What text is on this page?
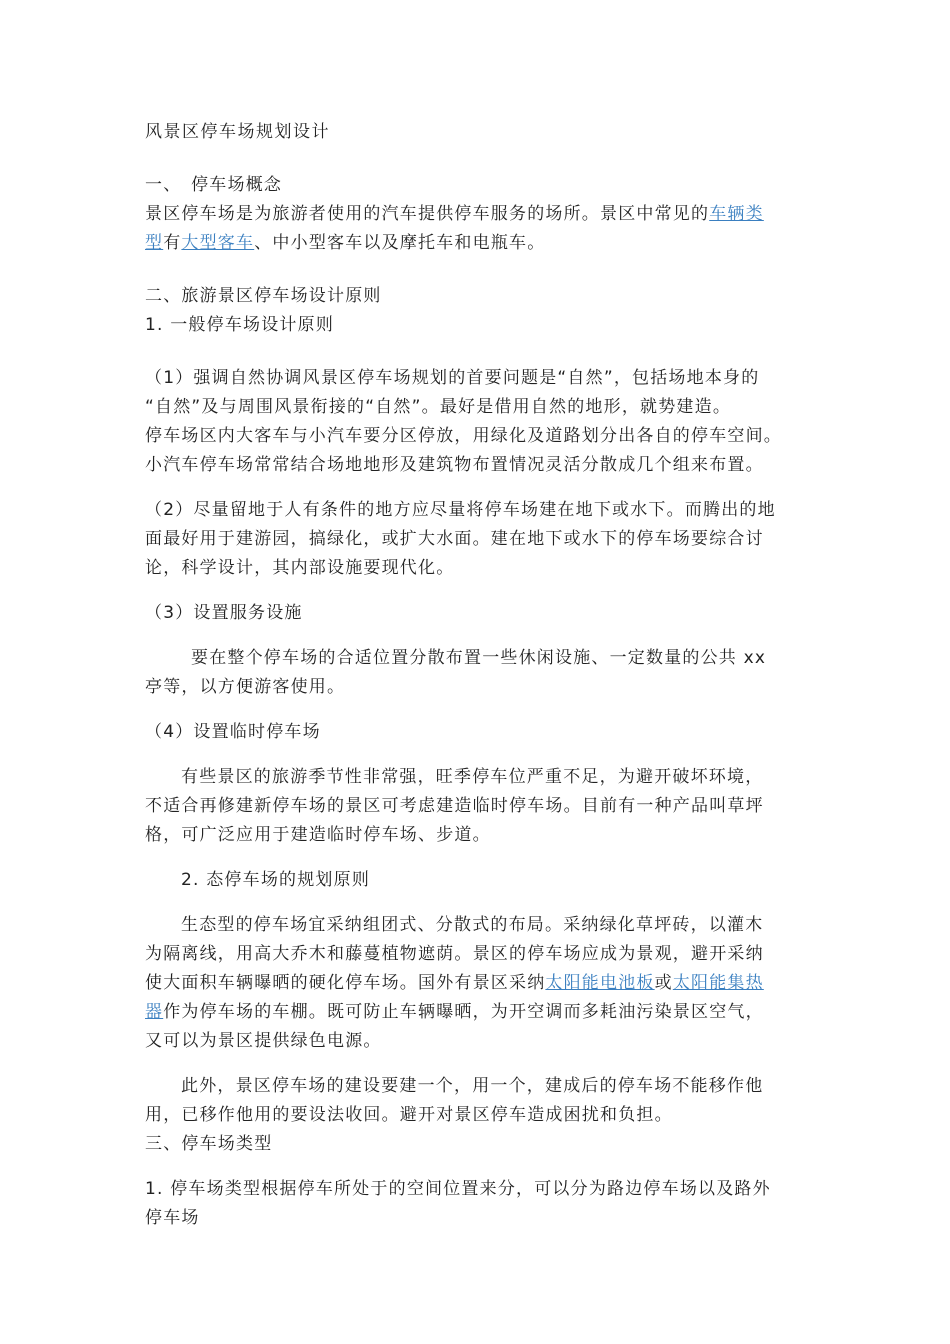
风景区停车场规划设计
一、　停车场概念
景区停车场是为旅游者使用的汽车提供停车服务的场所。景区中常见的车辆类
型有大型客车、中小型客车以及摩托车和电瓶车。
二、旅游景区停车场设计原则
1. 一般停车场设计原则
（1）强调自然协调风景区停车场规划的首要问题是“自然”，包括场地本身的
“自然”及与周围风景衔接的“自然”。最好是借用自然的地形，就势建造。
停车场区内大客车与小汽车要分区停放，用绿化及道路划分出各自的停车空间。
小汽车停车场常常结合场地地形及建筑物布置情况灵活分散成几个组来布置。
（2）尽量留地于人有条件的地方应尽量将停车场建在地下或水下。而腾出的地
面最好用于建游园，搞绿化，或扩大水面。建在地下或水下的停车场要综合讨
论，科学设计，其内部设施要现代化。
（3）设置服务设施
要在整个停车场的合适位置分散布置一些休闲设施、一定数量的公共 xx
亭等，以方便游客使用。
（4）设置临时停车场
有些景区的旅游季节性非常强，旺季停车位严重不足，为避开破坏环境，
不适合再修建新停车场的景区可考虑建造临时停车场。目前有一种产品叫草坪
格，可广泛应用于建造临时停车场、步道。
2. 态停车场的规划原则
生态型的停车场宜采纳组团式、分散式的布局。采纳绿化草坪砖，以灌木
为隔离线，用高大乔木和藤蔓植物遮荫。景区的停车场应成为景观，避开采纳
使大面积车辆曝晒的硬化停车场。国外有景区采纳太阳能电池板或太阳能集热
器作为停车场的车棚。既可防止车辆曝晒，为开空调而多耗油污染景区空气，
又可以为景区提供绿色电源。
此外，景区停车场的建设要建一个，用一个，建成后的停车场不能移作他
用，已移作他用的要设法收回。避开对景区停车造成困扰和负担。
三、停车场类型
1. 停车场类型根据停车所处于的空间位置来分，可以分为路边停车场以及路外
停车场
